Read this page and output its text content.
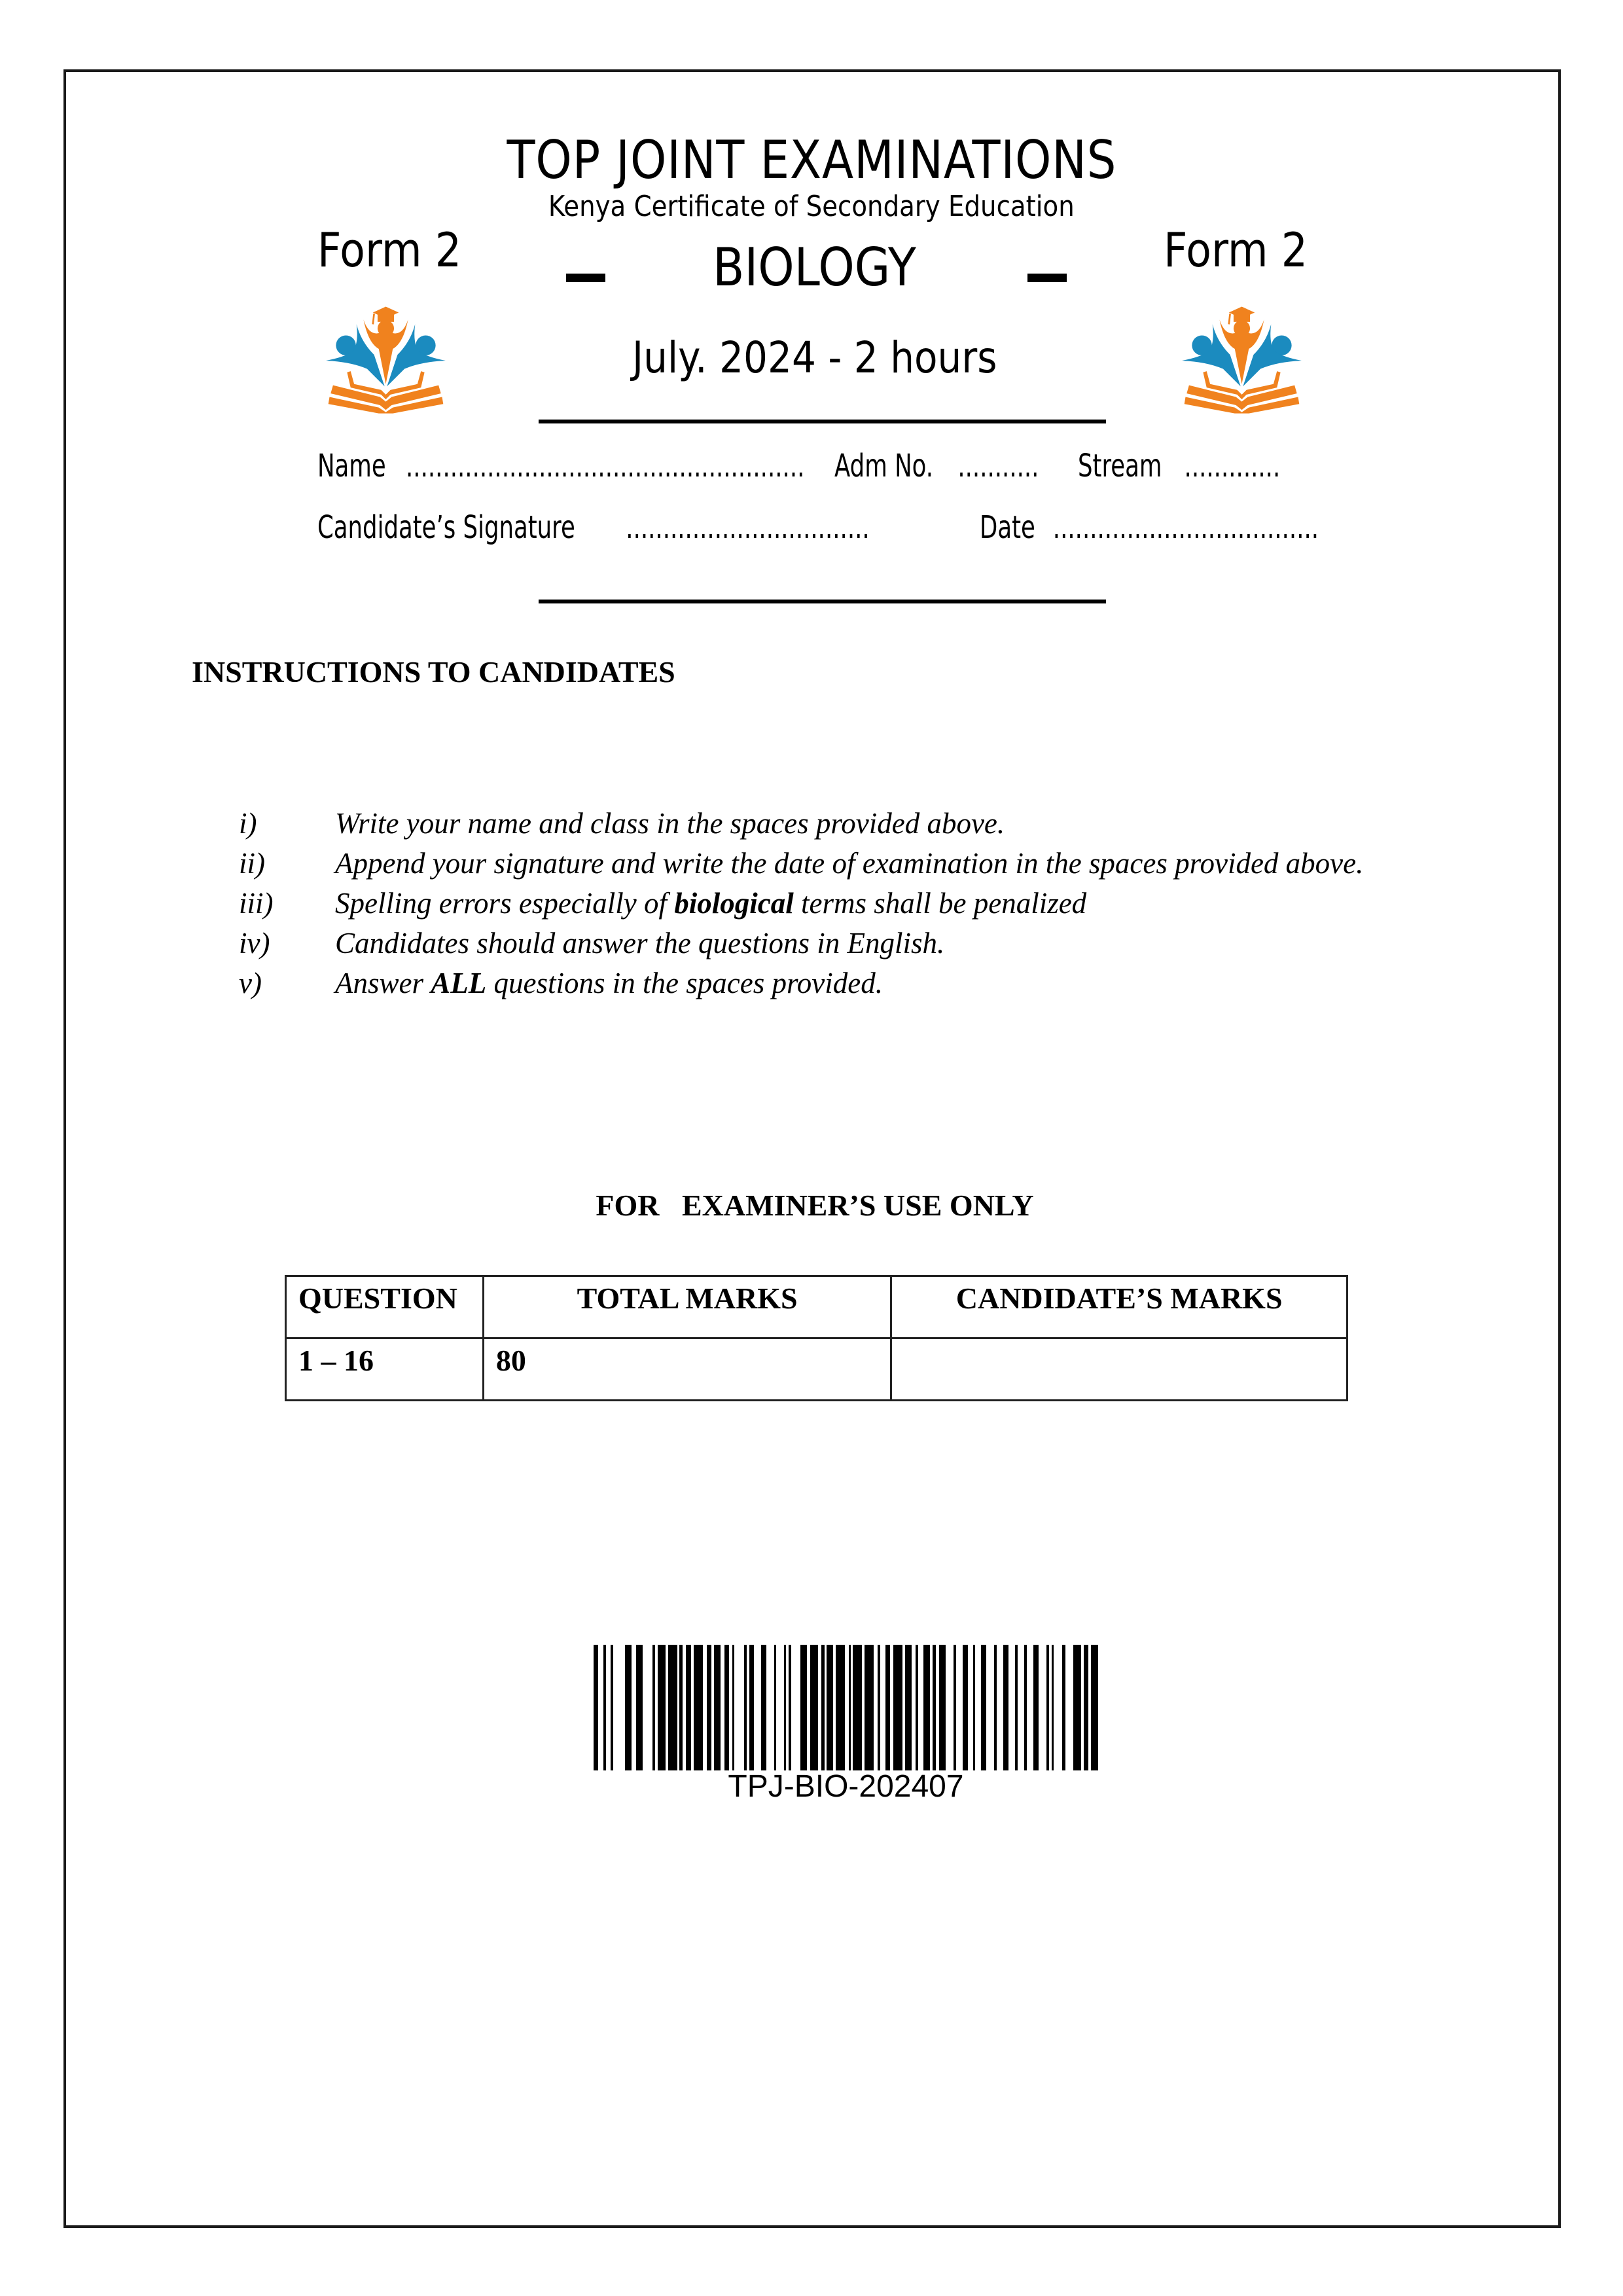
TOP JOINT EXAMINATIONS
Kenya Certificate of Secondary Education
Form 2	Form 2
BIOLOGY
July. 2024 - 2 hours
Name ...................................................... Adm No. ........... Stream .............
Candidate’s Signature .................................	Date ....................................
INSTRUCTIONS TO CANDIDATES
i)	Write your name and class in the spaces provided above.
ii) Append your signature and write the date of examination in the spaces provided above.
iii) Spelling errors especially of biological terms shall be penalized
iv) Candidates should answer the questions in English.
v) Answer ALL questions in the spaces provided.
FOR   EXAMINER’S USE ONLY
QUESTION	TOTAL MARKS	CANDIDATE’S MARKS
1 – 16	80	
TPJ-BIO-202407
